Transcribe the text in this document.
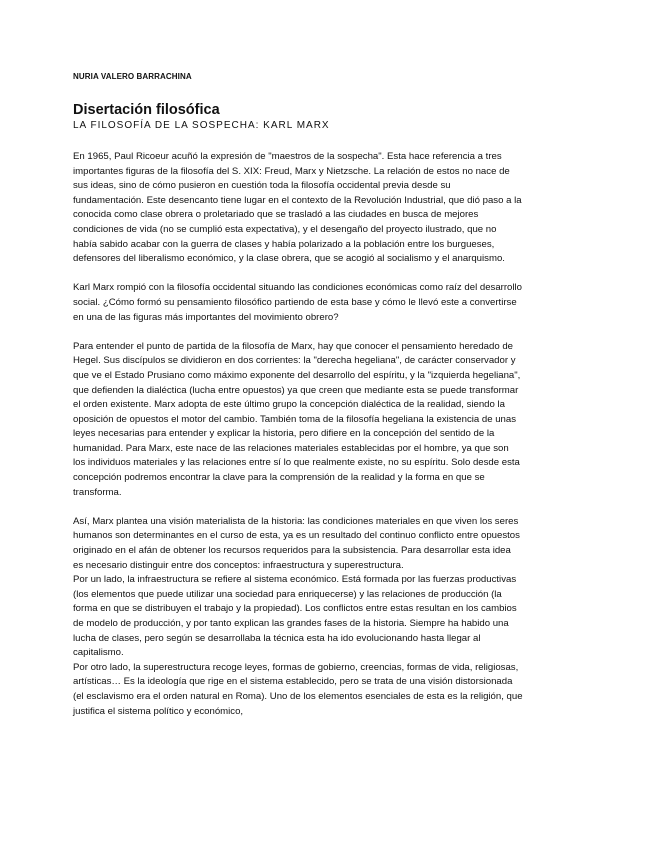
NURIA VALERO BARRACHINA
Disertación filosófica
LA FILOSOFÍA DE LA SOSPECHA: KARL MARX

En 1965, Paul Ricoeur acuñó la expresión de "maestros de la sospecha". Esta hace referencia a tres importantes figuras de la filosofía del S. XIX: Freud, Marx y Nietzsche. La relación de estos no nace de sus ideas, sino de cómo pusieron en cuestión toda la filosofía occidental previa desde su fundamentación. Este desencanto tiene lugar en el contexto de la Revolución Industrial, que dió paso a la conocida como clase obrera o proletariado que se trasladó a las ciudades en busca de mejores condiciones de vida (no se cumplió esta expectativa), y el desengaño del proyecto ilustrado, que no había sabido acabar con la guerra de clases y había polarizado a la población entre los burgueses, defensores del liberalismo económico, y la clase obrera, que se acogió al socialismo y el anarquismo.

Karl Marx rompió con la filosofía occidental situando las condiciones económicas como raíz del desarrollo social. ¿Cómo formó su pensamiento filosófico partiendo de esta base y cómo le llevó este a convertirse en una de las figuras más importantes del movimiento obrero?

Para entender el punto de partida de la filosofía de Marx, hay que conocer el pensamiento heredado de Hegel. Sus discípulos se dividieron en dos corrientes: la "derecha hegeliana", de carácter conservador y que ve el Estado Prusiano como máximo exponente del desarrollo del espíritu, y la "izquierda hegeliana", que defienden la dialéctica (lucha entre opuestos) ya que creen que mediante esta se puede transformar el orden existente. Marx adopta de este último grupo la concepción dialéctica de la realidad, siendo la oposición de opuestos el motor del cambio. También toma de la filosofía hegeliana la existencia de unas leyes necesarias para entender y explicar la historia, pero difiere en la concepción del sentido de la humanidad. Para Marx, este nace de las relaciones materiales establecidas por el hombre, ya que son los individuos materiales y las relaciones entre sí lo que realmente existe, no su espíritu. Solo desde esta concepción podremos encontrar la clave para la comprensión de la realidad y la forma en que se transforma.

Así, Marx plantea una visión materialista de la historia: las condiciones materiales en que viven los seres humanos son determinantes en el curso de esta, ya es un resultado del continuo conflicto entre opuestos originado en el afán de obtener los recursos requeridos para la subsistencia. Para desarrollar esta idea es necesario distinguir entre dos conceptos: infraestructura y superestructura.

Por un lado, la infraestructura se refiere al sistema económico. Está formada por las fuerzas productivas (los elementos que puede utilizar una sociedad para enriquecerse) y las relaciones de producción (la forma en que se distribuyen el trabajo y la propiedad). Los conflictos entre estas resultan en los cambios de modelo de producción, y por tanto explican las grandes fases de la historia. Siempre ha habido una lucha de clases, pero según se desarrollaba la técnica esta ha ido evolucionando hasta llegar al capitalismo.

Por otro lado, la superestructura recoge leyes, formas de gobierno, creencias, formas de vida, religiosas, artísticas… Es la ideología que rige en el sistema establecido, pero se trata de una visión distorsionada (el esclavismo era el orden natural en Roma). Uno de los elementos esenciales de esta es la religión, que justifica el sistema político y económico,
